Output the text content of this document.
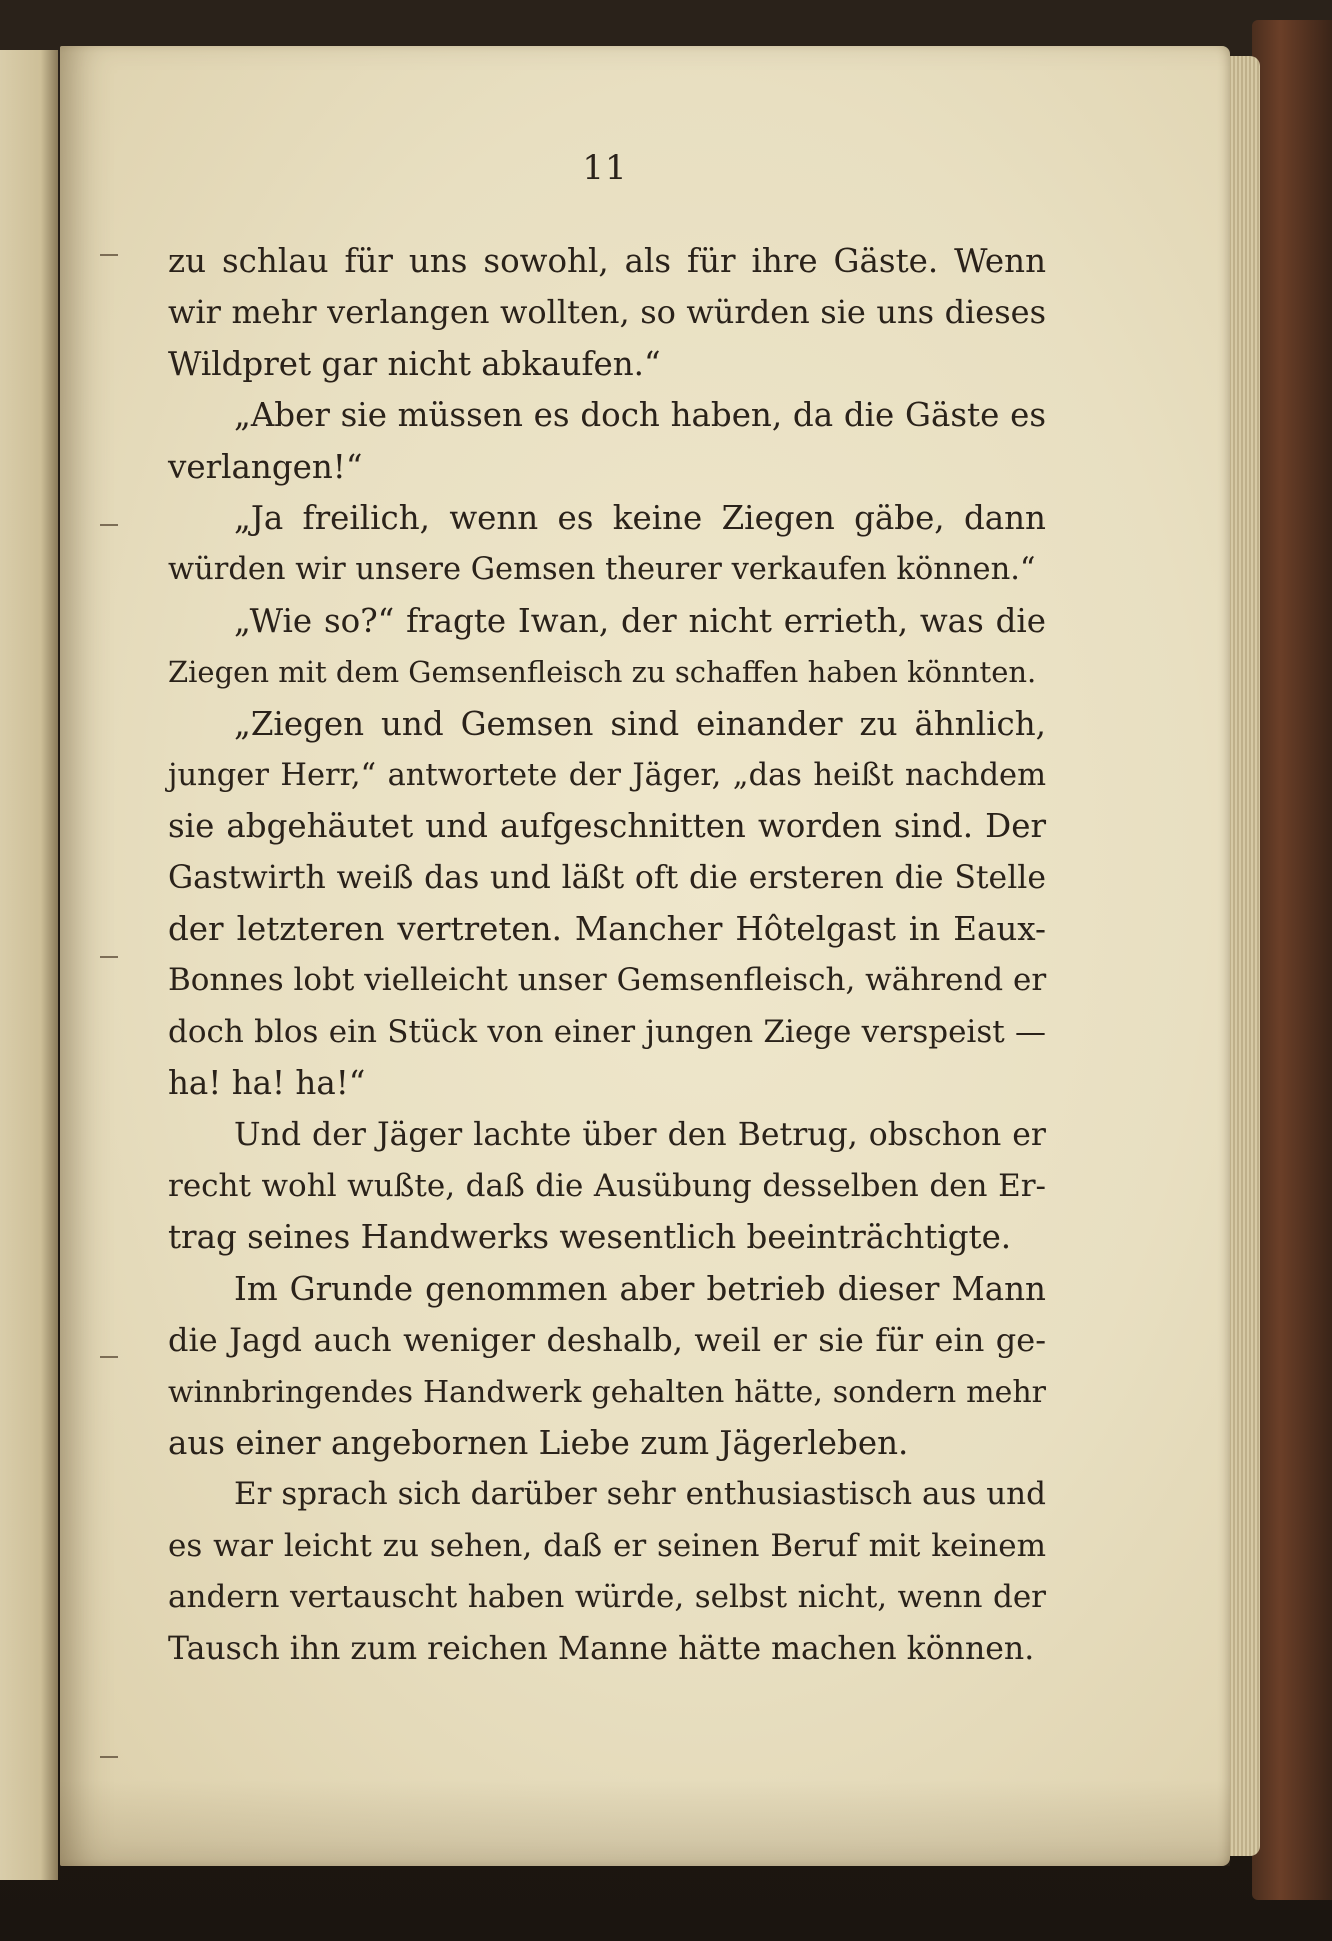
11
zu schlau für uns sowohl, als für ihre Gäste. Wenn
wir mehr verlangen wollten, so würden sie uns dieses
Wildpret gar nicht abkaufen.“
„Aber sie müssen es doch haben, da die Gäste es
verlangen!“
„Ja freilich, wenn es keine Ziegen gäbe, dann
würden wir unsere Gemsen theurer verkaufen können.“
„Wie so?“ fragte Iwan, der nicht errieth, was die
Ziegen mit dem Gemsenfleisch zu schaffen haben könnten.
„Ziegen und Gemsen sind einander zu ähnlich,
junger Herr,“ antwortete der Jäger, „das heißt nachdem
sie abgehäutet und aufgeschnitten worden sind. Der
Gastwirth weiß das und läßt oft die ersteren die Stelle
der letzteren vertreten. Mancher Hôtelgast in Eaux-
Bonnes lobt vielleicht unser Gemsenfleisch, während er
doch blos ein Stück von einer jungen Ziege verspeist —
ha! ha! ha!“
Und der Jäger lachte über den Betrug, obschon er
recht wohl wußte, daß die Ausübung desselben den Er-
trag seines Handwerks wesentlich beeinträchtigte.
Im Grunde genommen aber betrieb dieser Mann
die Jagd auch weniger deshalb, weil er sie für ein ge-
winnbringendes Handwerk gehalten hätte, sondern mehr
aus einer angebornen Liebe zum Jägerleben.
Er sprach sich darüber sehr enthusiastisch aus und
es war leicht zu sehen, daß er seinen Beruf mit keinem
andern vertauscht haben würde, selbst nicht, wenn der
Tausch ihn zum reichen Manne hätte machen können.
